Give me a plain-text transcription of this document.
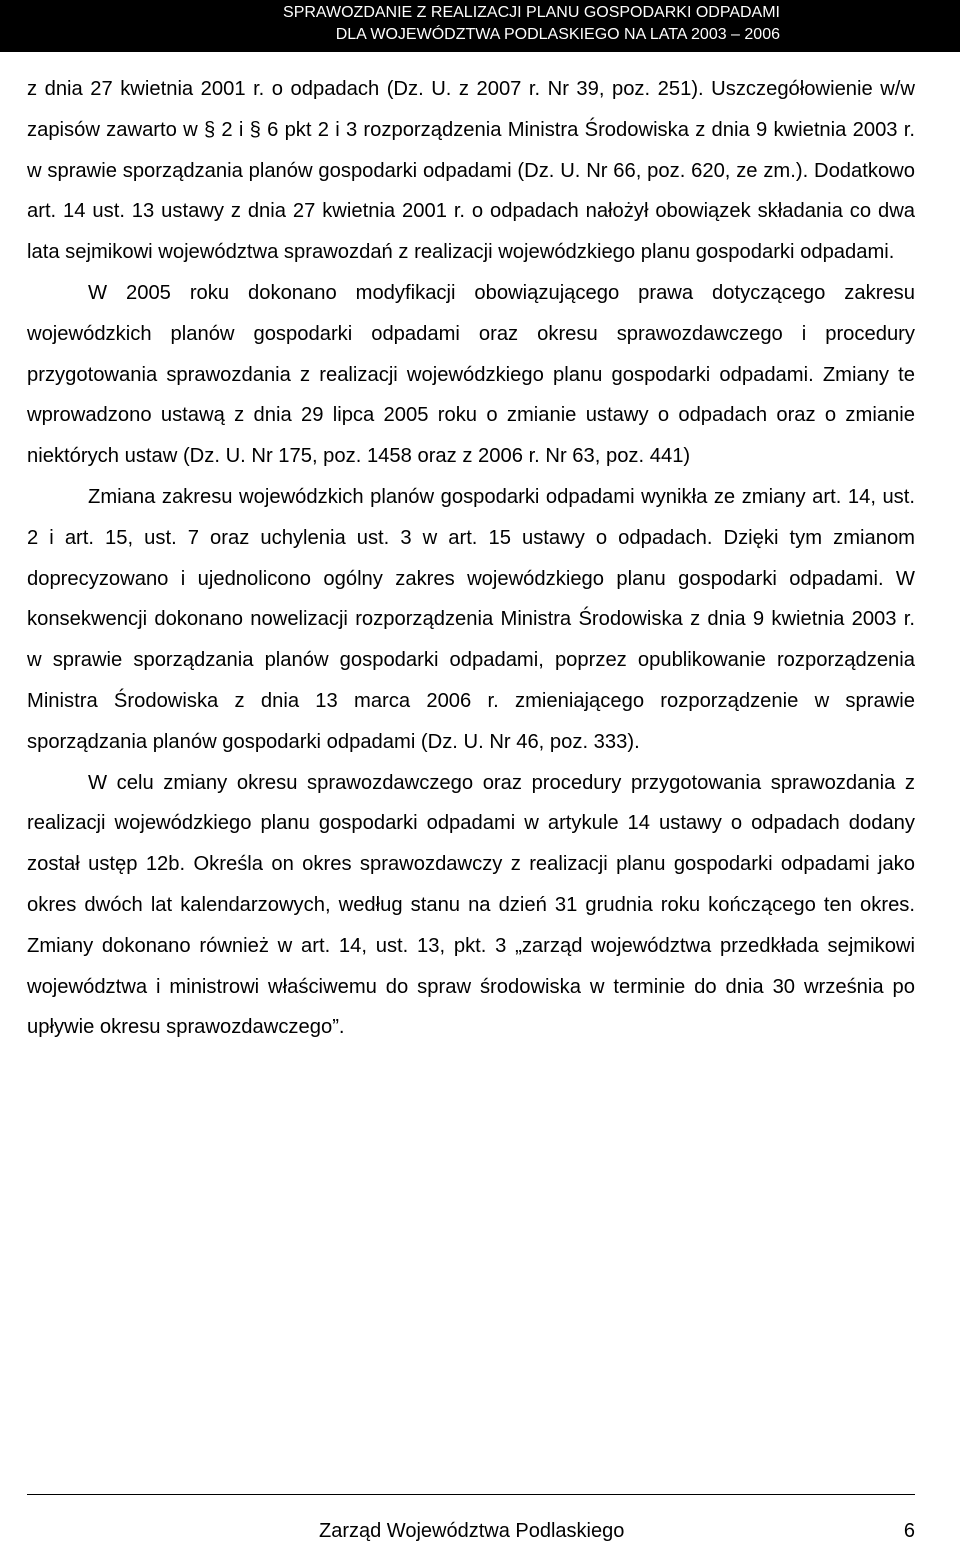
SPRAWOZDANIE Z REALIZACJI PLANU GOSPODARKI ODPADAMI
DLA WOJEWÓDZTWA PODLASKIEGO NA LATA 2003 – 2006

z dnia 27 kwietnia 2001 r. o odpadach (Dz. U. z 2007 r. Nr 39, poz. 251). Uszczegółowienie w/w zapisów zawarto w § 2 i § 6 pkt 2 i 3 rozporządzenia Ministra Środowiska z dnia 9 kwietnia 2003 r. w sprawie sporządzania planów gospodarki odpadami (Dz. U. Nr 66, poz. 620, ze zm.). Dodatkowo art. 14 ust. 13 ustawy z dnia 27 kwietnia 2001 r. o odpadach nałożył obowiązek składania co dwa lata sejmikowi województwa sprawozdań z realizacji wojewódzkiego planu gospodarki odpadami.

W 2005 roku dokonano modyfikacji obowiązującego prawa dotyczącego zakresu wojewódzkich planów gospodarki odpadami oraz okresu sprawozdawczego i procedury przygotowania sprawozdania z realizacji wojewódzkiego planu gospodarki odpadami. Zmiany te wprowadzono ustawą z dnia 29 lipca 2005 roku o zmianie ustawy o odpadach oraz o zmianie niektórych ustaw (Dz. U. Nr 175, poz. 1458 oraz z 2006 r. Nr 63, poz. 441)

Zmiana zakresu wojewódzkich planów gospodarki odpadami wynikła ze zmiany art. 14, ust. 2 i art. 15, ust. 7 oraz uchylenia ust. 3 w art. 15 ustawy o odpadach. Dzięki tym zmianom doprecyzowano i ujednolicono ogólny zakres wojewódzkiego planu gospodarki odpadami. W konsekwencji dokonano nowelizacji rozporządzenia Ministra Środowiska z dnia 9 kwietnia 2003 r. w sprawie sporządzania planów gospodarki odpadami, poprzez opublikowanie rozporządzenia Ministra Środowiska z dnia 13 marca 2006 r. zmieniającego rozporządzenie w sprawie sporządzania planów gospodarki odpadami (Dz. U. Nr 46, poz. 333).

W celu zmiany okresu sprawozdawczego oraz procedury przygotowania sprawozdania z realizacji wojewódzkiego planu gospodarki odpadami w artykule 14 ustawy o odpadach dodany został ustęp 12b. Określa on okres sprawozdawczy z realizacji planu gospodarki odpadami jako okres dwóch lat kalendarzowych, według stanu na dzień 31 grudnia roku kończącego ten okres. Zmiany dokonano również w art. 14, ust. 13, pkt. 3 „zarząd województwa przedkłada sejmikowi województwa i ministrowi właściwemu do spraw środowiska w terminie do dnia 30 września po upływie okresu sprawozdawczego”.

Zarząd Województwa Podlaskiego	6
